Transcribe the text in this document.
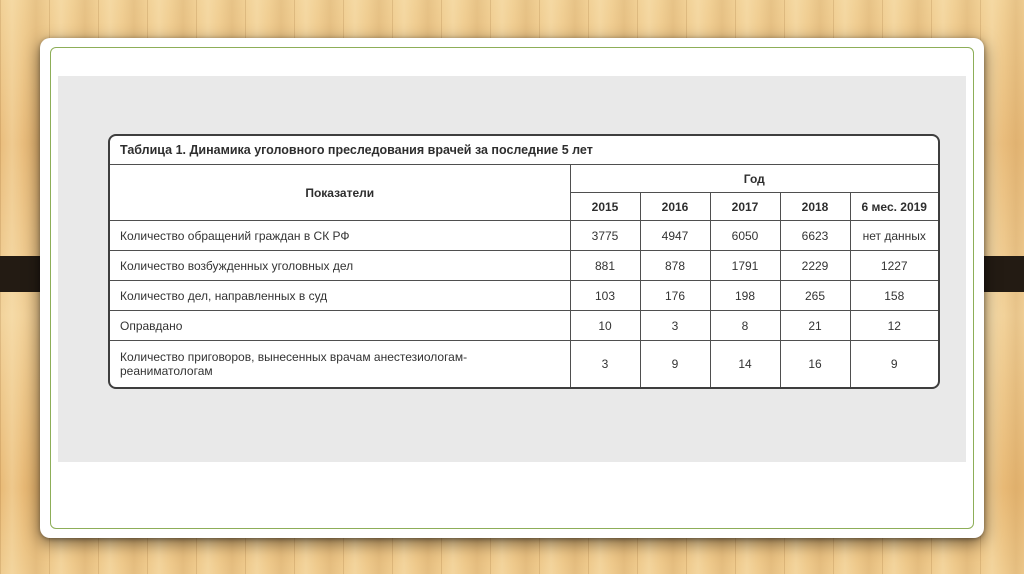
Таблица 1. Динамика уголовного преследования врачей за последние 5 лет					
Показатели	Год				
	2015	2016	2017	2018	6 мес. 2019
Количество обращений граждан в СК РФ	3775	4947	6050	6623	нет данных
Количество возбужденных уголовных дел	881	878	1791	2229	1227
Количество дел, направленных в суд	103	176	198	265	158
Оправдано	10	3	8	21	12
Количество приговоров, вынесенных врачам анестезиологам-реаниматологам	3	9	14	16	9
